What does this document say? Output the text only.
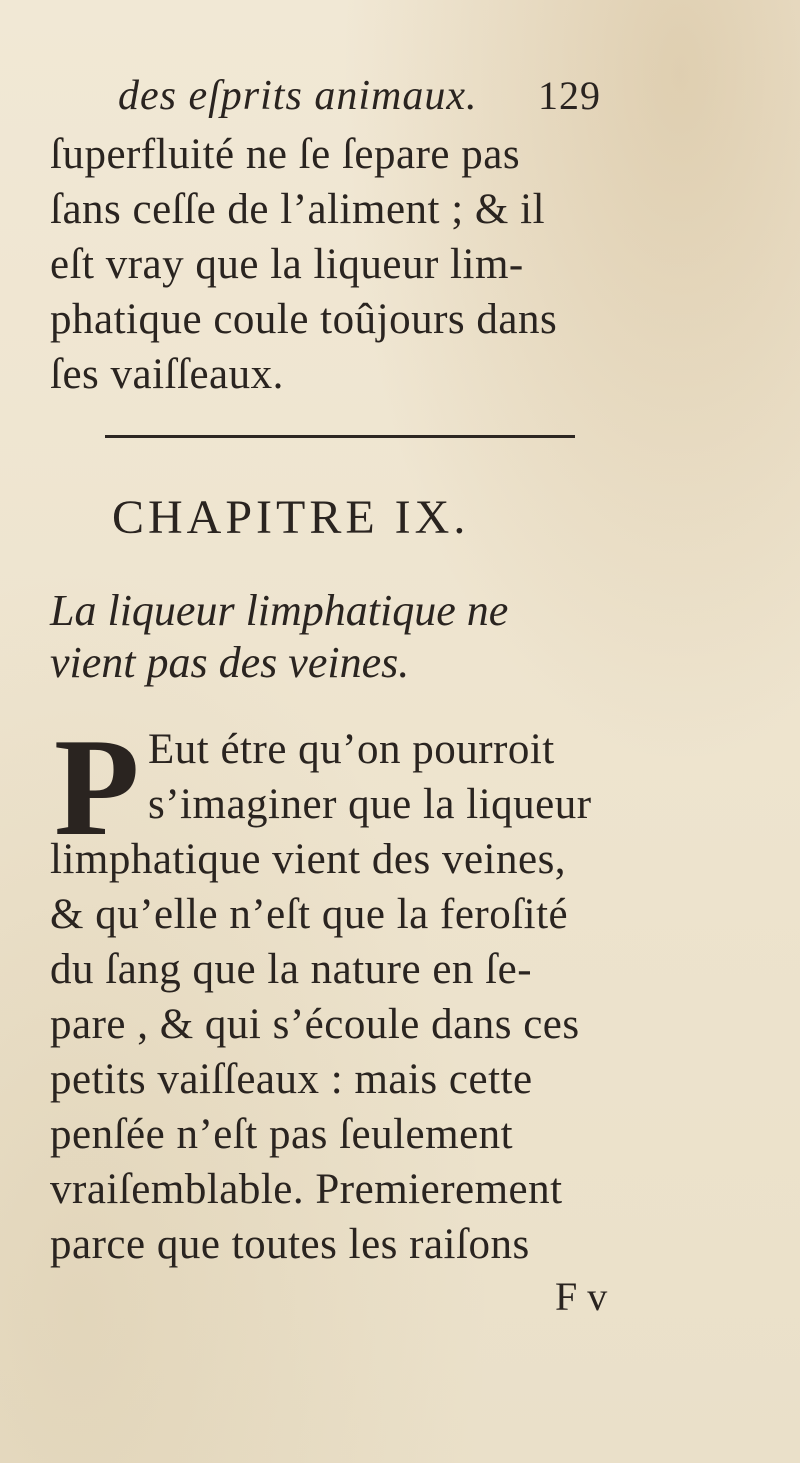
des eſprits animaux. 129
ſuperfluité ne ſe ſepare pas
ſans ceſſe de l’aliment ; & il
eſt vray que la liqueur lim-
phatique coule toûjours dans
ſes vaiſſeaux.
CHAPITRE IX.
La liqueur limphatique ne
vient pas des veines.
P Eut étre qu’on pourroit
s’imaginer que la liqueur
limphatique vient des veines,
& qu’elle n’eſt que la feroſité
du ſang que la nature en ſe-
pare , & qui s’écoule dans ces
petits vaiſſeaux : mais cette
penſée n’eſt pas ſeulement
vraiſemblable. Premierement
parce que toutes les raiſons
F v
